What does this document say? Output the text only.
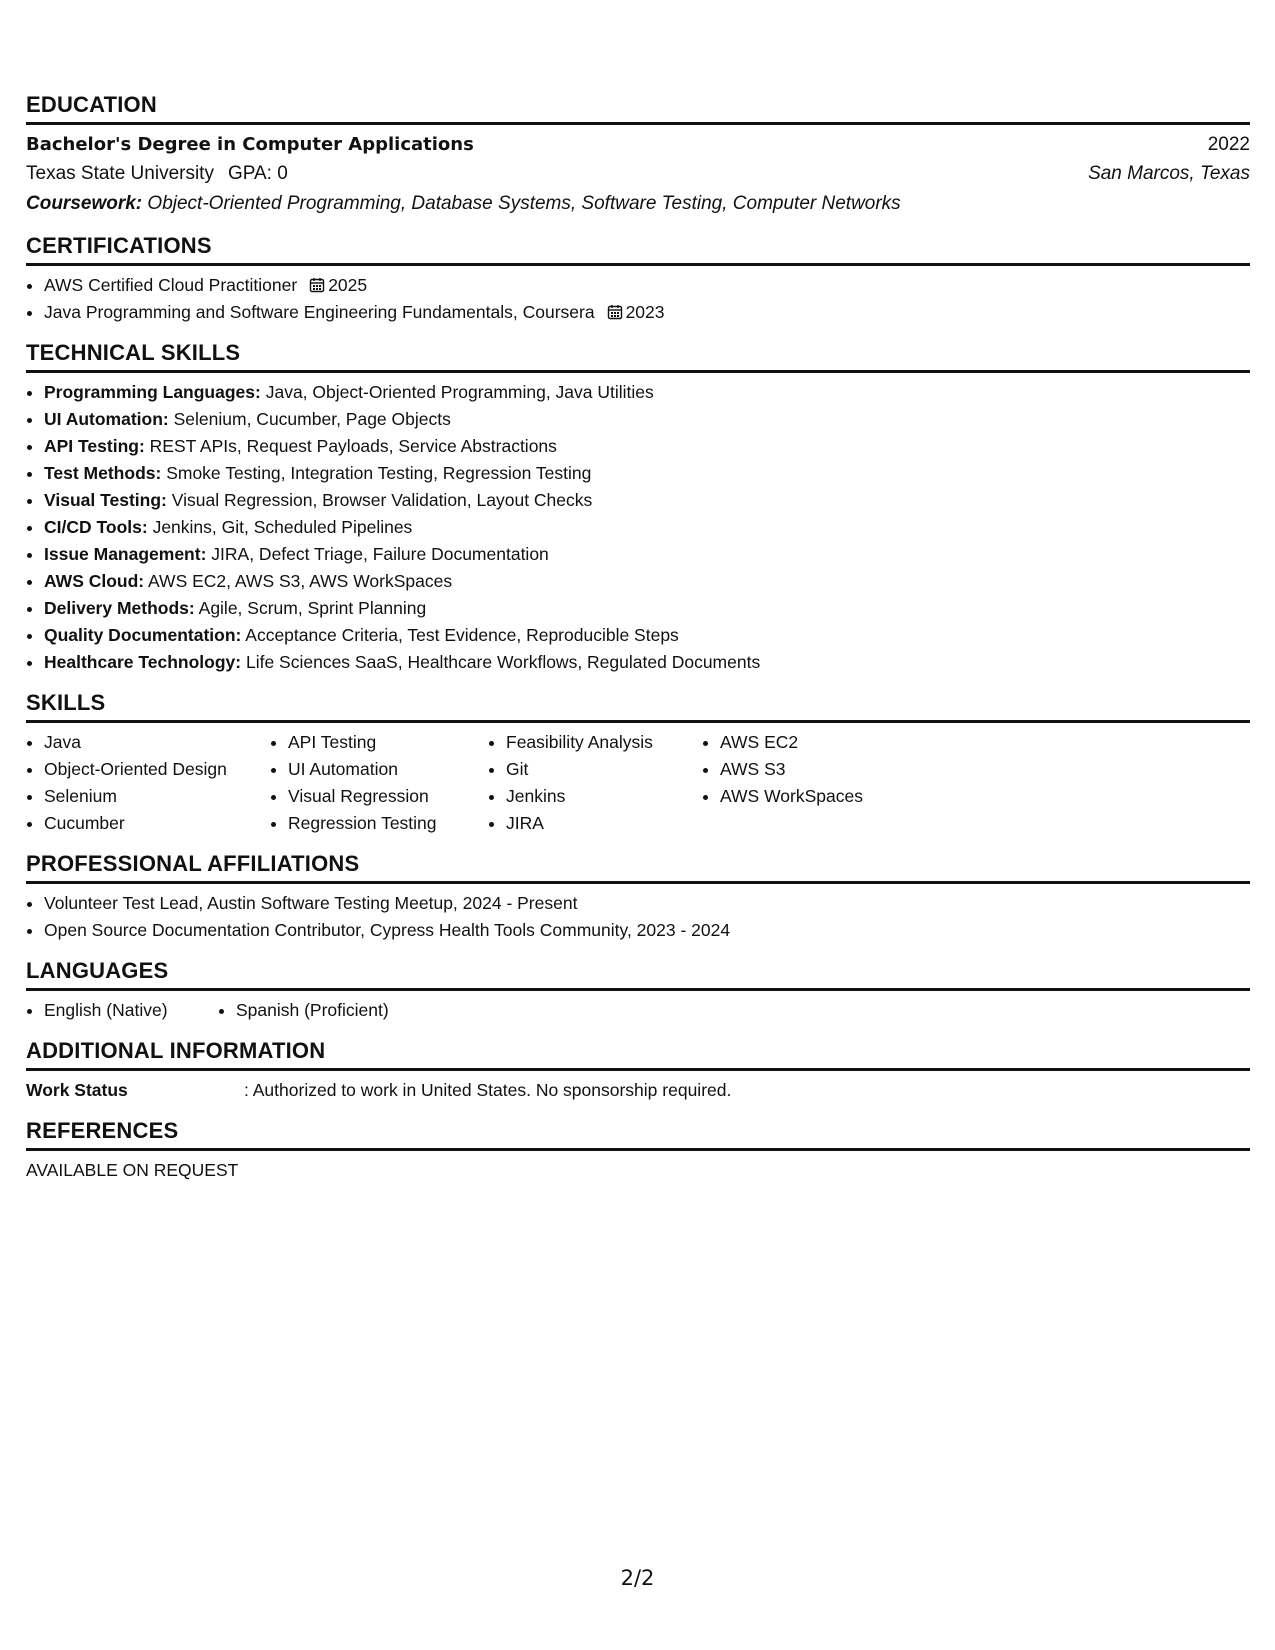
EDUCATION
Bachelor's Degree in Computer Applications	2022
Texas State University GPA: 0	San Marcos, Texas
Coursework: Object-Oriented Programming, Database Systems, Software Testing, Computer Networks
CERTIFICATIONS
• AWS Certified Cloud Practitioner 2025
• Java Programming and Software Engineering Fundamentals, Coursera 2023
TECHNICAL SKILLS
• Programming Languages: Java, Object-Oriented Programming, Java Utilities
• UI Automation: Selenium, Cucumber, Page Objects
• API Testing: REST APIs, Request Payloads, Service Abstractions
• Test Methods: Smoke Testing, Integration Testing, Regression Testing
• Visual Testing: Visual Regression, Browser Validation, Layout Checks
• CI/CD Tools: Jenkins, Git, Scheduled Pipelines
• Issue Management: JIRA, Defect Triage, Failure Documentation
• AWS Cloud: AWS EC2, AWS S3, AWS WorkSpaces
• Delivery Methods: Agile, Scrum, Sprint Planning
• Quality Documentation: Acceptance Criteria, Test Evidence, Reproducible Steps
• Healthcare Technology: Life Sciences SaaS, Healthcare Workflows, Regulated Documents
SKILLS
• Java
• Object-Oriented Design
• Selenium
• Cucumber
• API Testing
• UI Automation
• Visual Regression
• Regression Testing
• Feasibility Analysis
• Git
• Jenkins
• JIRA
• AWS EC2
• AWS S3
• AWS WorkSpaces
PROFESSIONAL AFFILIATIONS
• Volunteer Test Lead, Austin Software Testing Meetup, 2024 - Present
• Open Source Documentation Contributor, Cypress Health Tools Community, 2023 - 2024
LANGUAGES
• English (Native)
•	Spanish (Proficient)
ADDITIONAL INFORMATION
Work Status	: Authorized to work in United States. No sponsorship required.
REFERENCES
AVAILABLE ON REQUEST
2/2
